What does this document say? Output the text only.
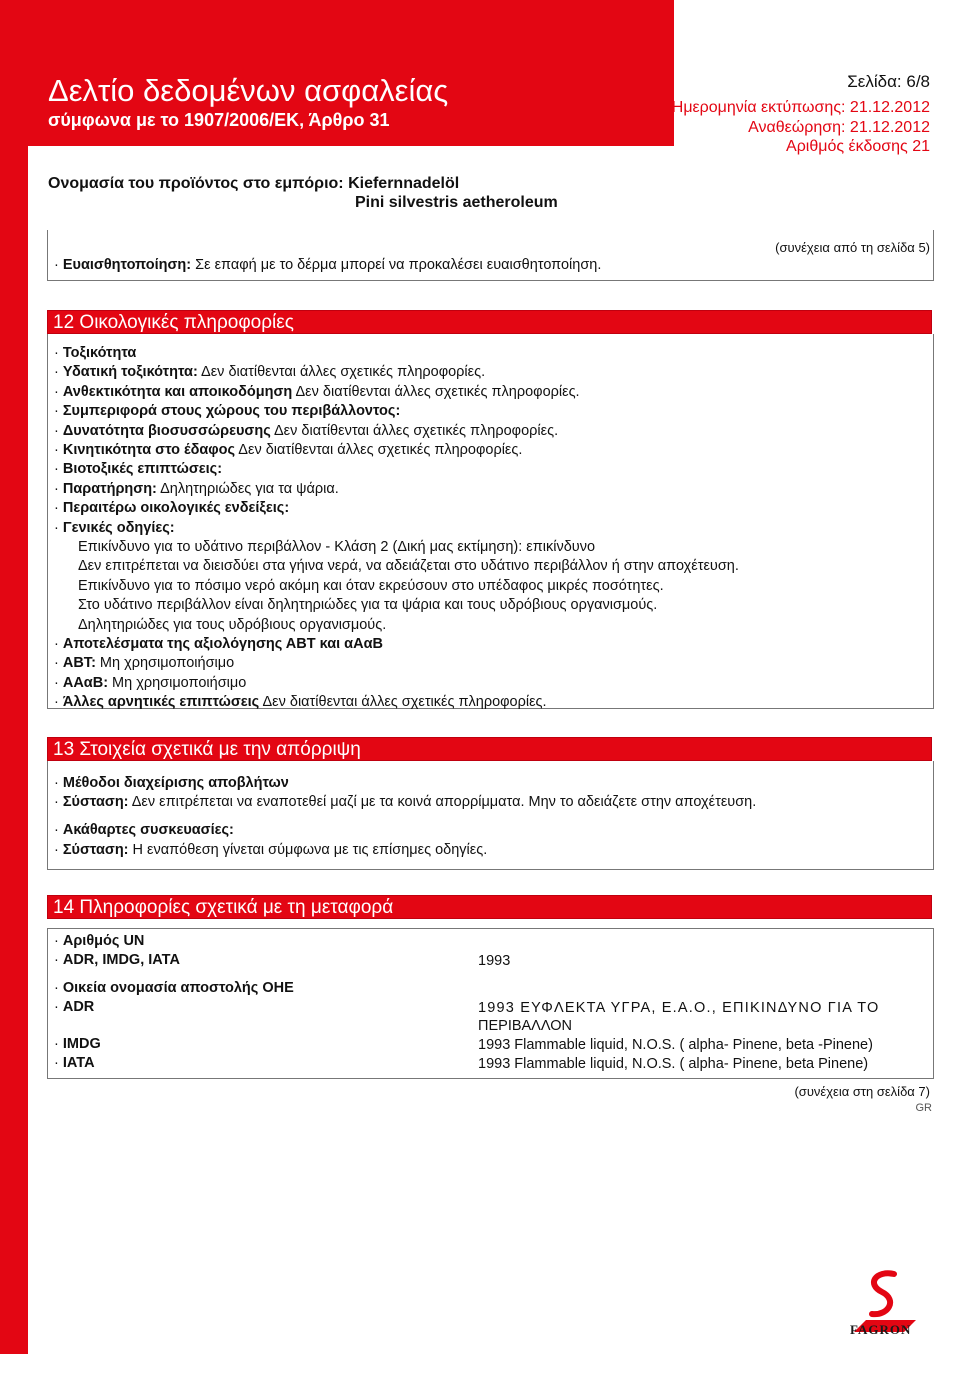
Δελτίο δεδομένων ασφαλείας
σύμφωνα με το 1907/2006/ΕΚ, Άρθρο 31
Σελίδα: 6/8
Ημερομηνία εκτύπωσης: 21.12.2012
Αναθεώρηση: 21.12.2012
Αριθμός έκδοσης 21
Ονομασία του προϊόντος στο εμπόριο: Kiefernnadelöl
Pini silvestris aetheroleum
(συνέχεια από τη σελίδα 5)
· Ευαισθητοποίηση: Σε επαφή με το δέρμα μπορεί να προκαλέσει ευαισθητοποίηση.
12 Οικολογικές πληροφορίες
· Τοξικότητα
· Υδατική τοξικότητα: Δεν διατίθενται άλλες σχετικές πληροφορίες.
· Ανθεκτικότητα και αποικοδόμηση Δεν διατίθενται άλλες σχετικές πληροφορίες.
· Συμπεριφορά στους χώρους του περιβάλλοντος:
· Δυνατότητα βιοσυσσώρευσης Δεν διατίθενται άλλες σχετικές πληροφορίες.
· Κινητικότητα στο έδαφος Δεν διατίθενται άλλες σχετικές πληροφορίες.
· Βιοτοξικές επιπτώσεις:
· Παρατήρηση: Δηλητηριώδες για τα ψάρια.
· Περαιτέρω οικολογικές ενδείξεις:
· Γενικές οδηγίες:
Επικίνδυνο για το υδάτινο περιβάλλον - Κλάση 2 (Δική μας εκτίμηση): επικίνδυνο
Δεν επιτρέπεται να διεισδύει στα γήινα νερά, να αδειάζεται στο υδάτινο περιβάλλον ή στην αποχέτευση.
Επικίνδυνο για το πόσιμο νερό ακόμη και όταν εκρεύσουν στο υπέδαφος μικρές ποσότητες.
Στο υδάτινο περιβάλλον είναι δηλητηριώδες για τα ψάρια και τους υδρόβιους οργανισμούς.
Δηλητηριώδες για τους υδρόβιους οργανισμούς.
· Αποτελέσματα της αξιολόγησης ΑΒΤ και αΑαΒ
· ΑΒΤ: Μη χρησιμοποιήσιμο
· ΑΑαΒ: Μη χρησιμοποιήσιμο
· Άλλες αρνητικές επιπτώσεις Δεν διατίθενται άλλες σχετικές πληροφορίες.
13 Στοιχεία σχετικά με την απόρριψη
· Μέθοδοι διαχείρισης αποβλήτων
· Σύσταση: Δεν επιτρέπεται να εναποτεθεί μαζί με τα κοινά απορρίμματα. Μην το αδειάζετε στην αποχέτευση.
· Ακάθαρτες συσκευασίες:
· Σύσταση: Η εναπόθεση γίνεται σύμφωνα με τις επίσημες οδηγίες.
14 Πληροφορίες σχετικά με τη μεταφορά
· Αριθμός UN
· ADR, IMDG, IATA	1993
· Οικεία ονομασία αποστολής ΟΗΕ
· ADR	1993 ΕΥΦΛΕΚΤΑ ΥΓΡΑ, Ε.Α.Ο., ΕΠΙΚΙΝΔΥΝΟ ΓΙΑ ΤΟ
ΠΕΡΙΒΑΛΛΟΝ
· IMDG	1993 Flammable liquid, N.O.S. ( alpha- Pinene, beta -Pinene)
· IATA	1993 Flammable liquid, N.O.S. ( alpha- Pinene, beta Pinene)
(συνέχεια στη σελίδα 7)
GR
FAGRON
